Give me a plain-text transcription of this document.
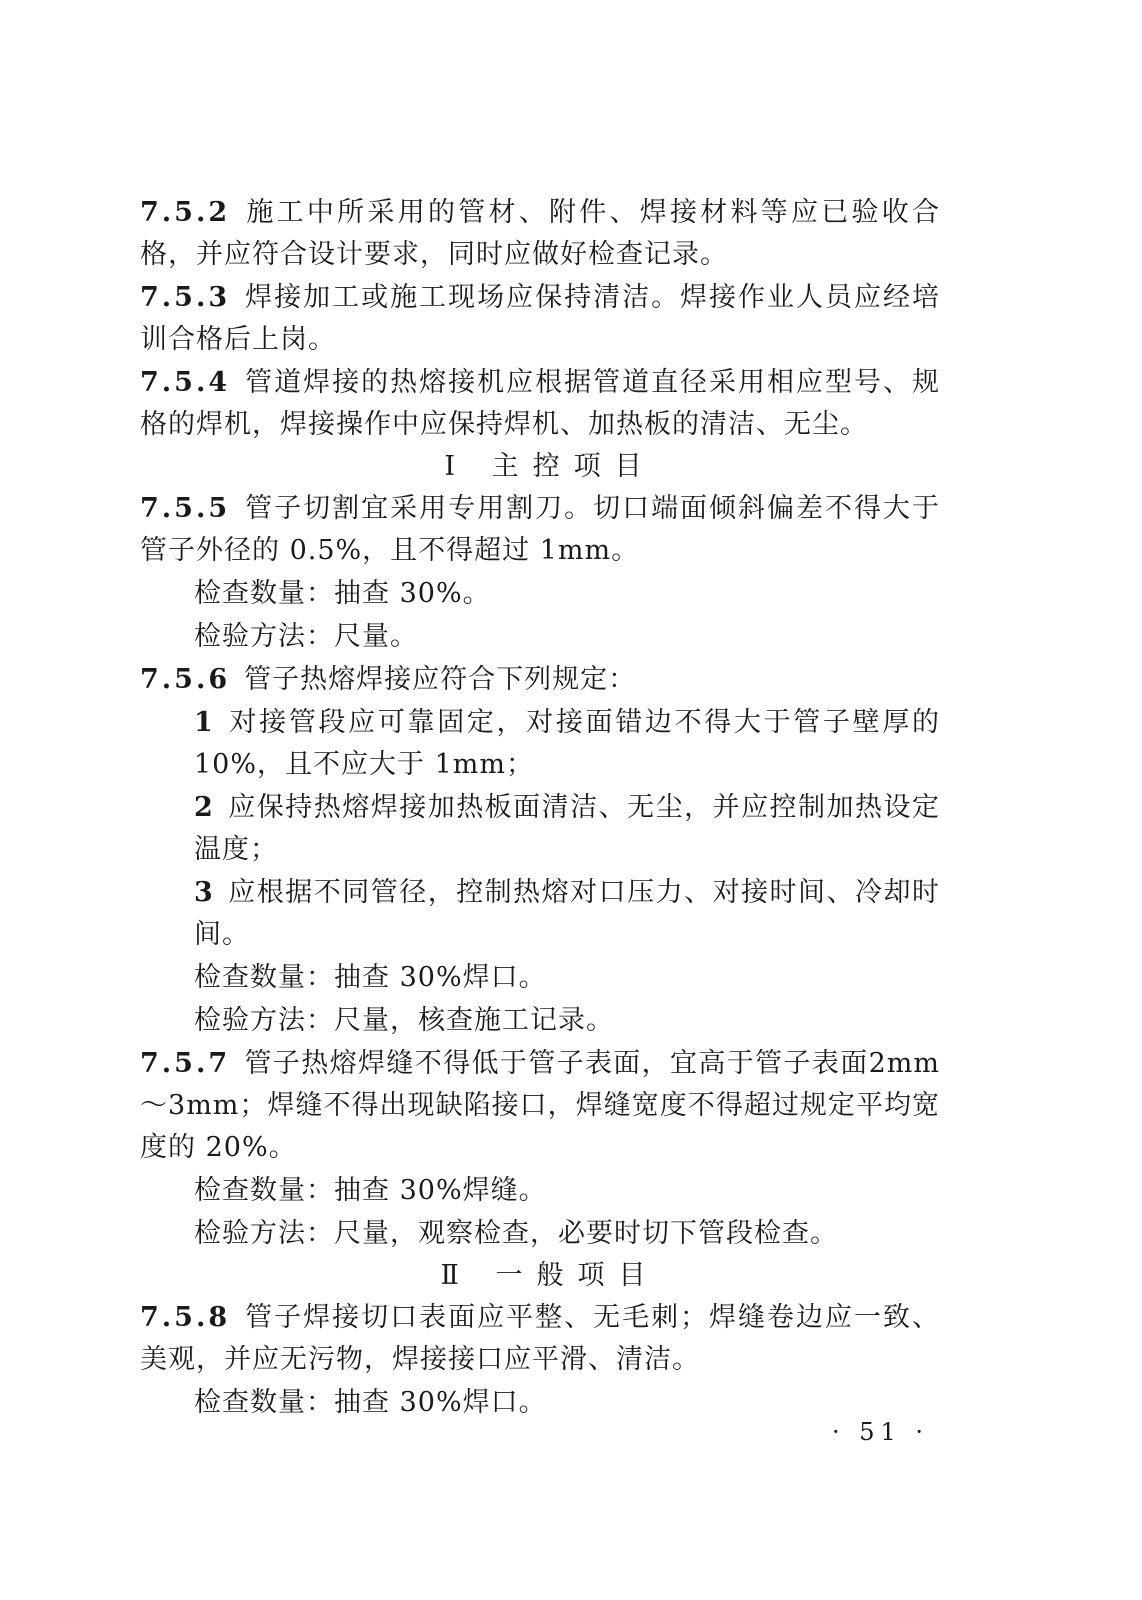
7.5.2 施工中所采用的管材、附件、焊接材料等应已验收合格，并应符合设计要求，同时应做好检查记录。

7.5.3 焊接加工或施工现场应保持清洁。焊接作业人员应经培训合格后上岗。

7.5.4 管道焊接的热熔接机应根据管道直径采用相应型号、规格的焊机，焊接操作中应保持焊机、加热板的清洁、无尘。

Ⅰ 主控项目

7.5.5 管子切割宜采用专用割刀。切口端面倾斜偏差不得大于管子外径的 0.5%，且不得超过 1mm。

检查数量：抽查 30%。

检验方法：尺量。

7.5.6 管子热熔焊接应符合下列规定：

1 对接管段应可靠固定，对接面错边不得大于管子壁厚的 10%，且不应大于 1mm；

2 应保持热熔焊接加热板面清洁、无尘，并应控制加热设定温度；

3 应根据不同管径，控制热熔对口压力、对接时间、冷却时间。

检查数量：抽查 30%焊口。

检验方法：尺量，核查施工记录。

7.5.7 管子热熔焊缝不得低于管子表面，宜高于管子表面2mm～3mm；焊缝不得出现缺陷接口，焊缝宽度不得超过规定平均宽度的 20%。

检查数量：抽查 30%焊缝。

检验方法：尺量，观察检查，必要时切下管段检查。

Ⅱ 一般项目

7.5.8 管子焊接切口表面应平整、无毛刺；焊缝卷边应一致、美观，并应无污物，焊接接口应平滑、清洁。

检查数量：抽查 30%焊口。

· 51 ·
